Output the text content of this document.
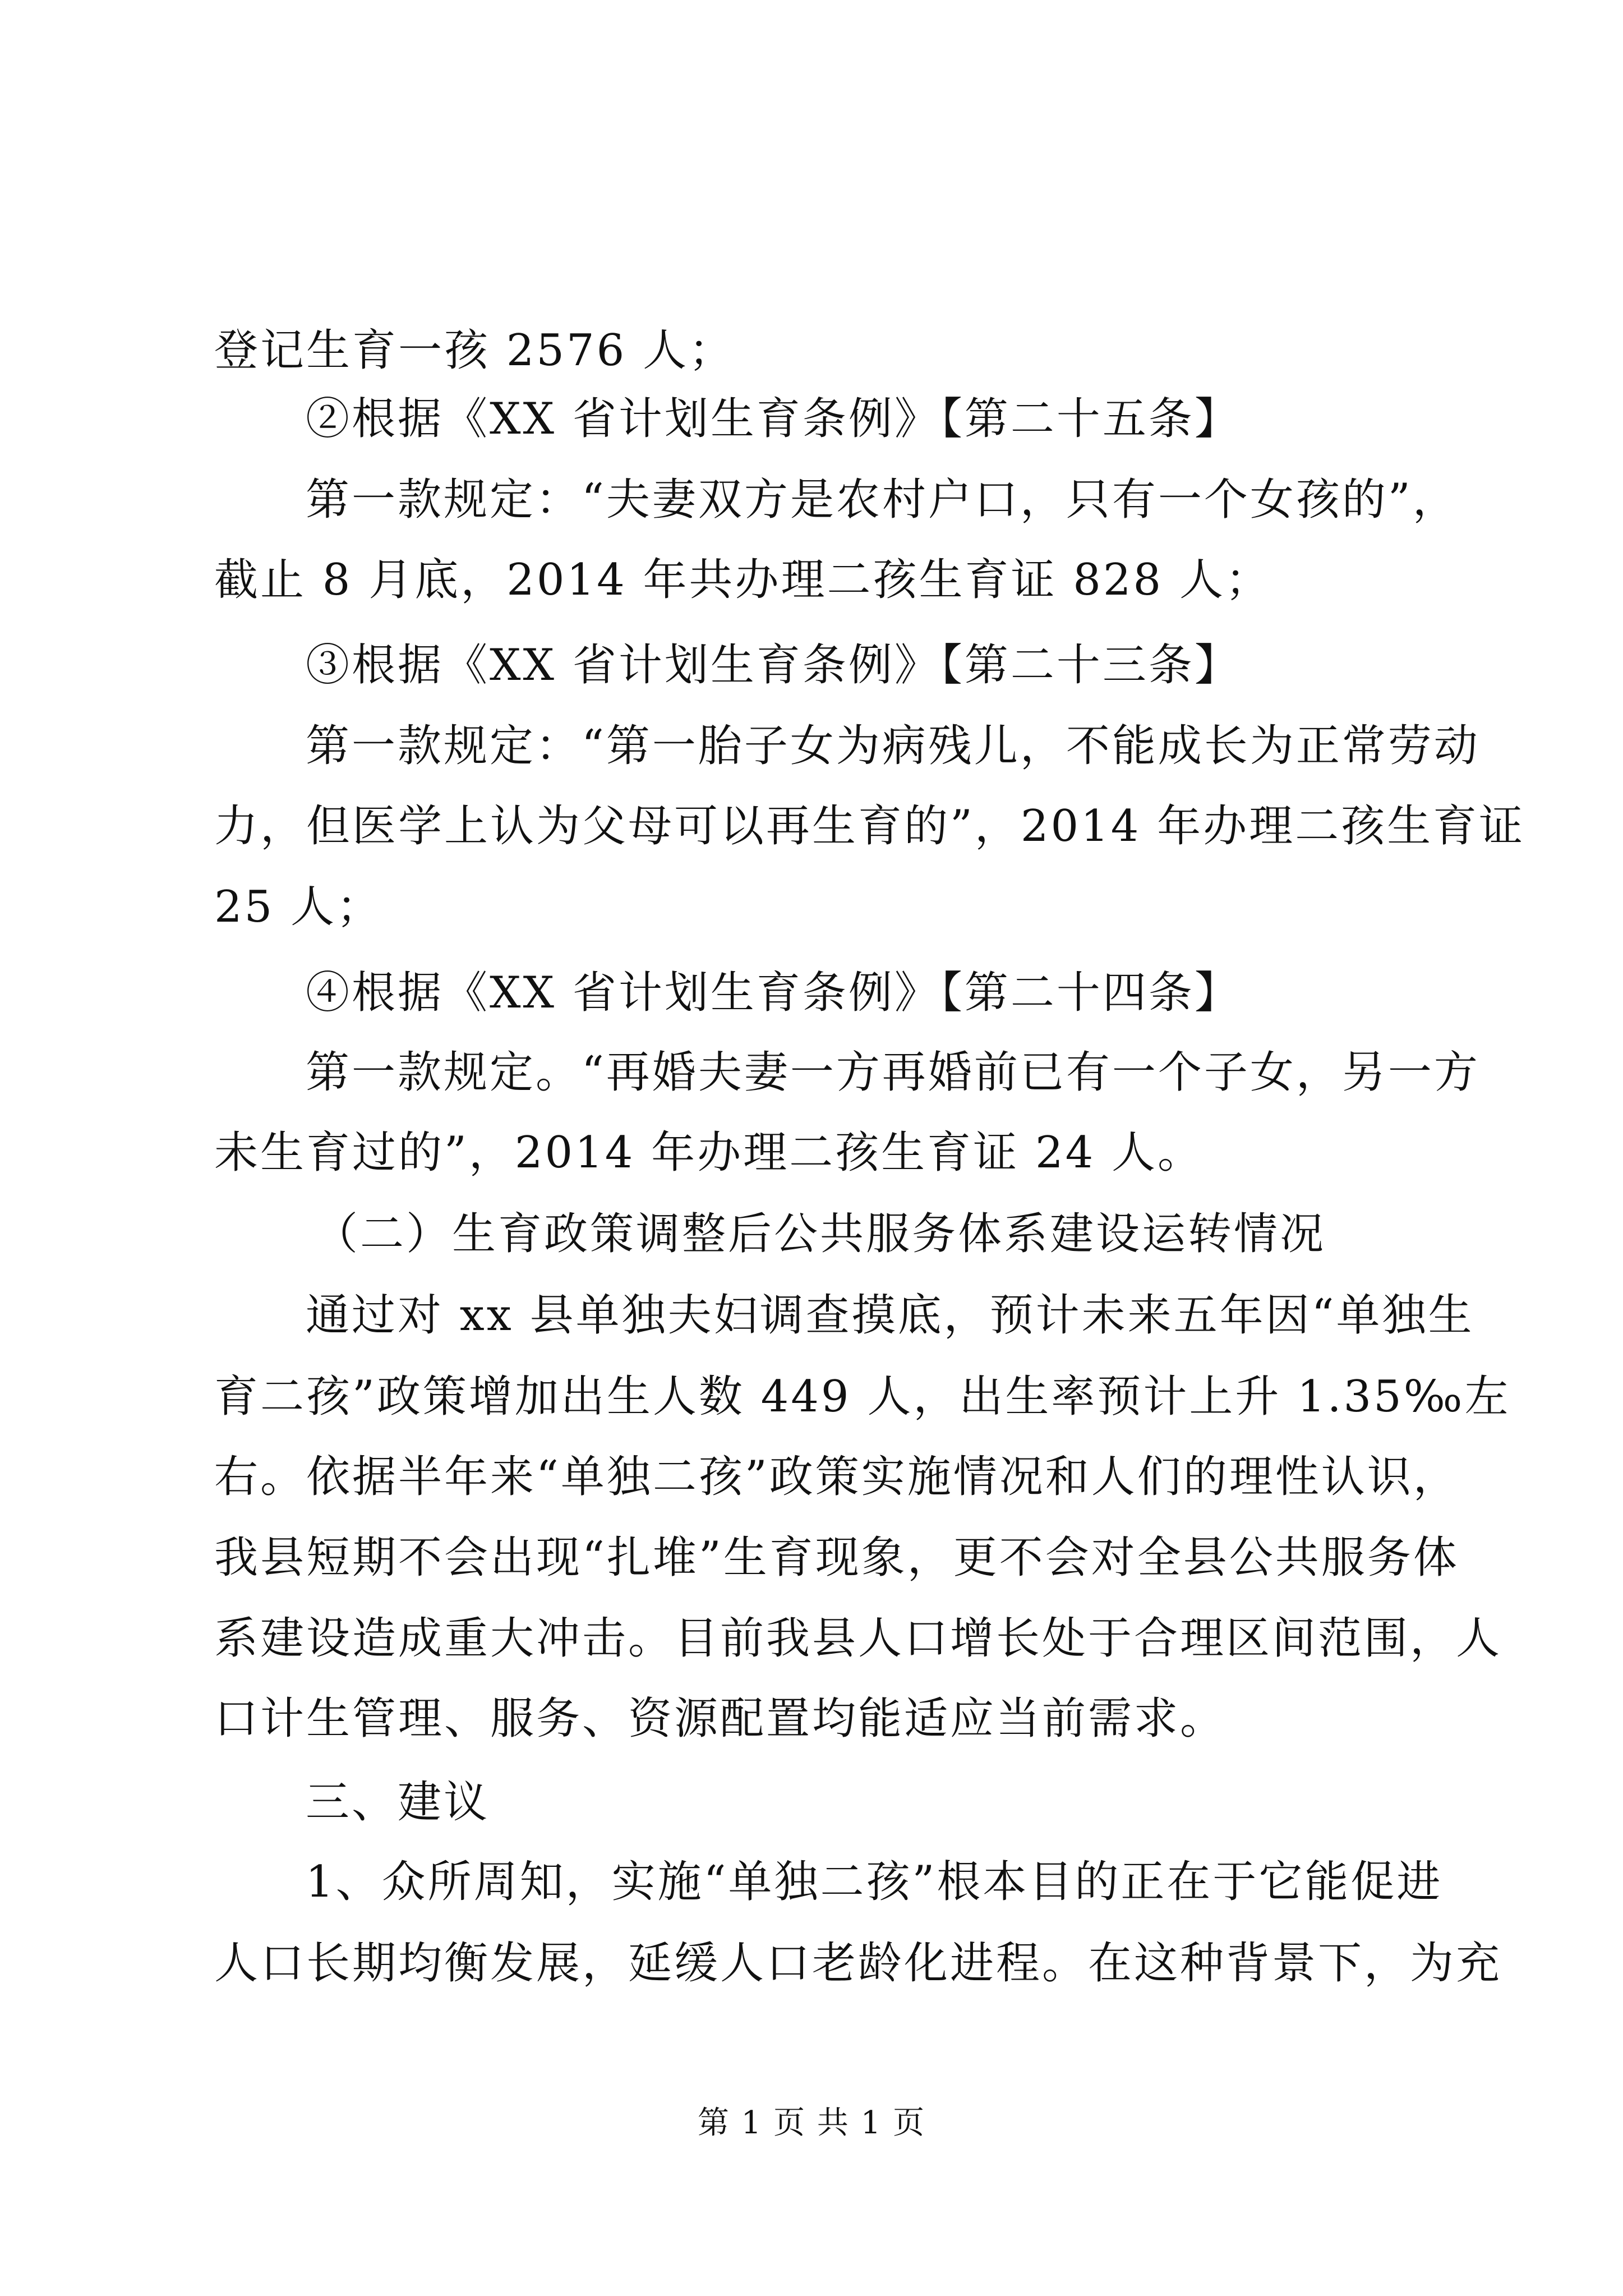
登记生育一孩 2576 人；
②根据《XX 省计划生育条例》【第二十五条】
第一款规定：“夫妻双方是农村户口，只有一个女孩的”，
截止 8 月底，2014 年共办理二孩生育证 828 人；
③根据《XX 省计划生育条例》【第二十三条】
第一款规定：“第一胎子女为病残儿，不能成长为正常劳动
力，但医学上认为父母可以再生育的”，2014 年办理二孩生育证
25 人；
④根据《XX 省计划生育条例》【第二十四条】
第一款规定。“再婚夫妻一方再婚前已有一个子女，另一方
未生育过的”，2014 年办理二孩生育证 24 人。
（二）生育政策调整后公共服务体系建设运转情况
通过对 xx 县单独夫妇调查摸底，预计未来五年因“单独生
育二孩”政策增加出生人数 449 人，出生率预计上升 1.35‰左
右。依据半年来“单独二孩”政策实施情况和人们的理性认识，
我县短期不会出现“扎堆”生育现象，更不会对全县公共服务体
系建设造成重大冲击。目前我县人口增长处于合理区间范围，人
口计生管理、服务、资源配置均能适应当前需求。
三、建议
1、众所周知，实施“单独二孩”根本目的正在于它能促进
人口长期均衡发展，延缓人口老龄化进程。在这种背景下，为充
第 1 页 共 1 页
